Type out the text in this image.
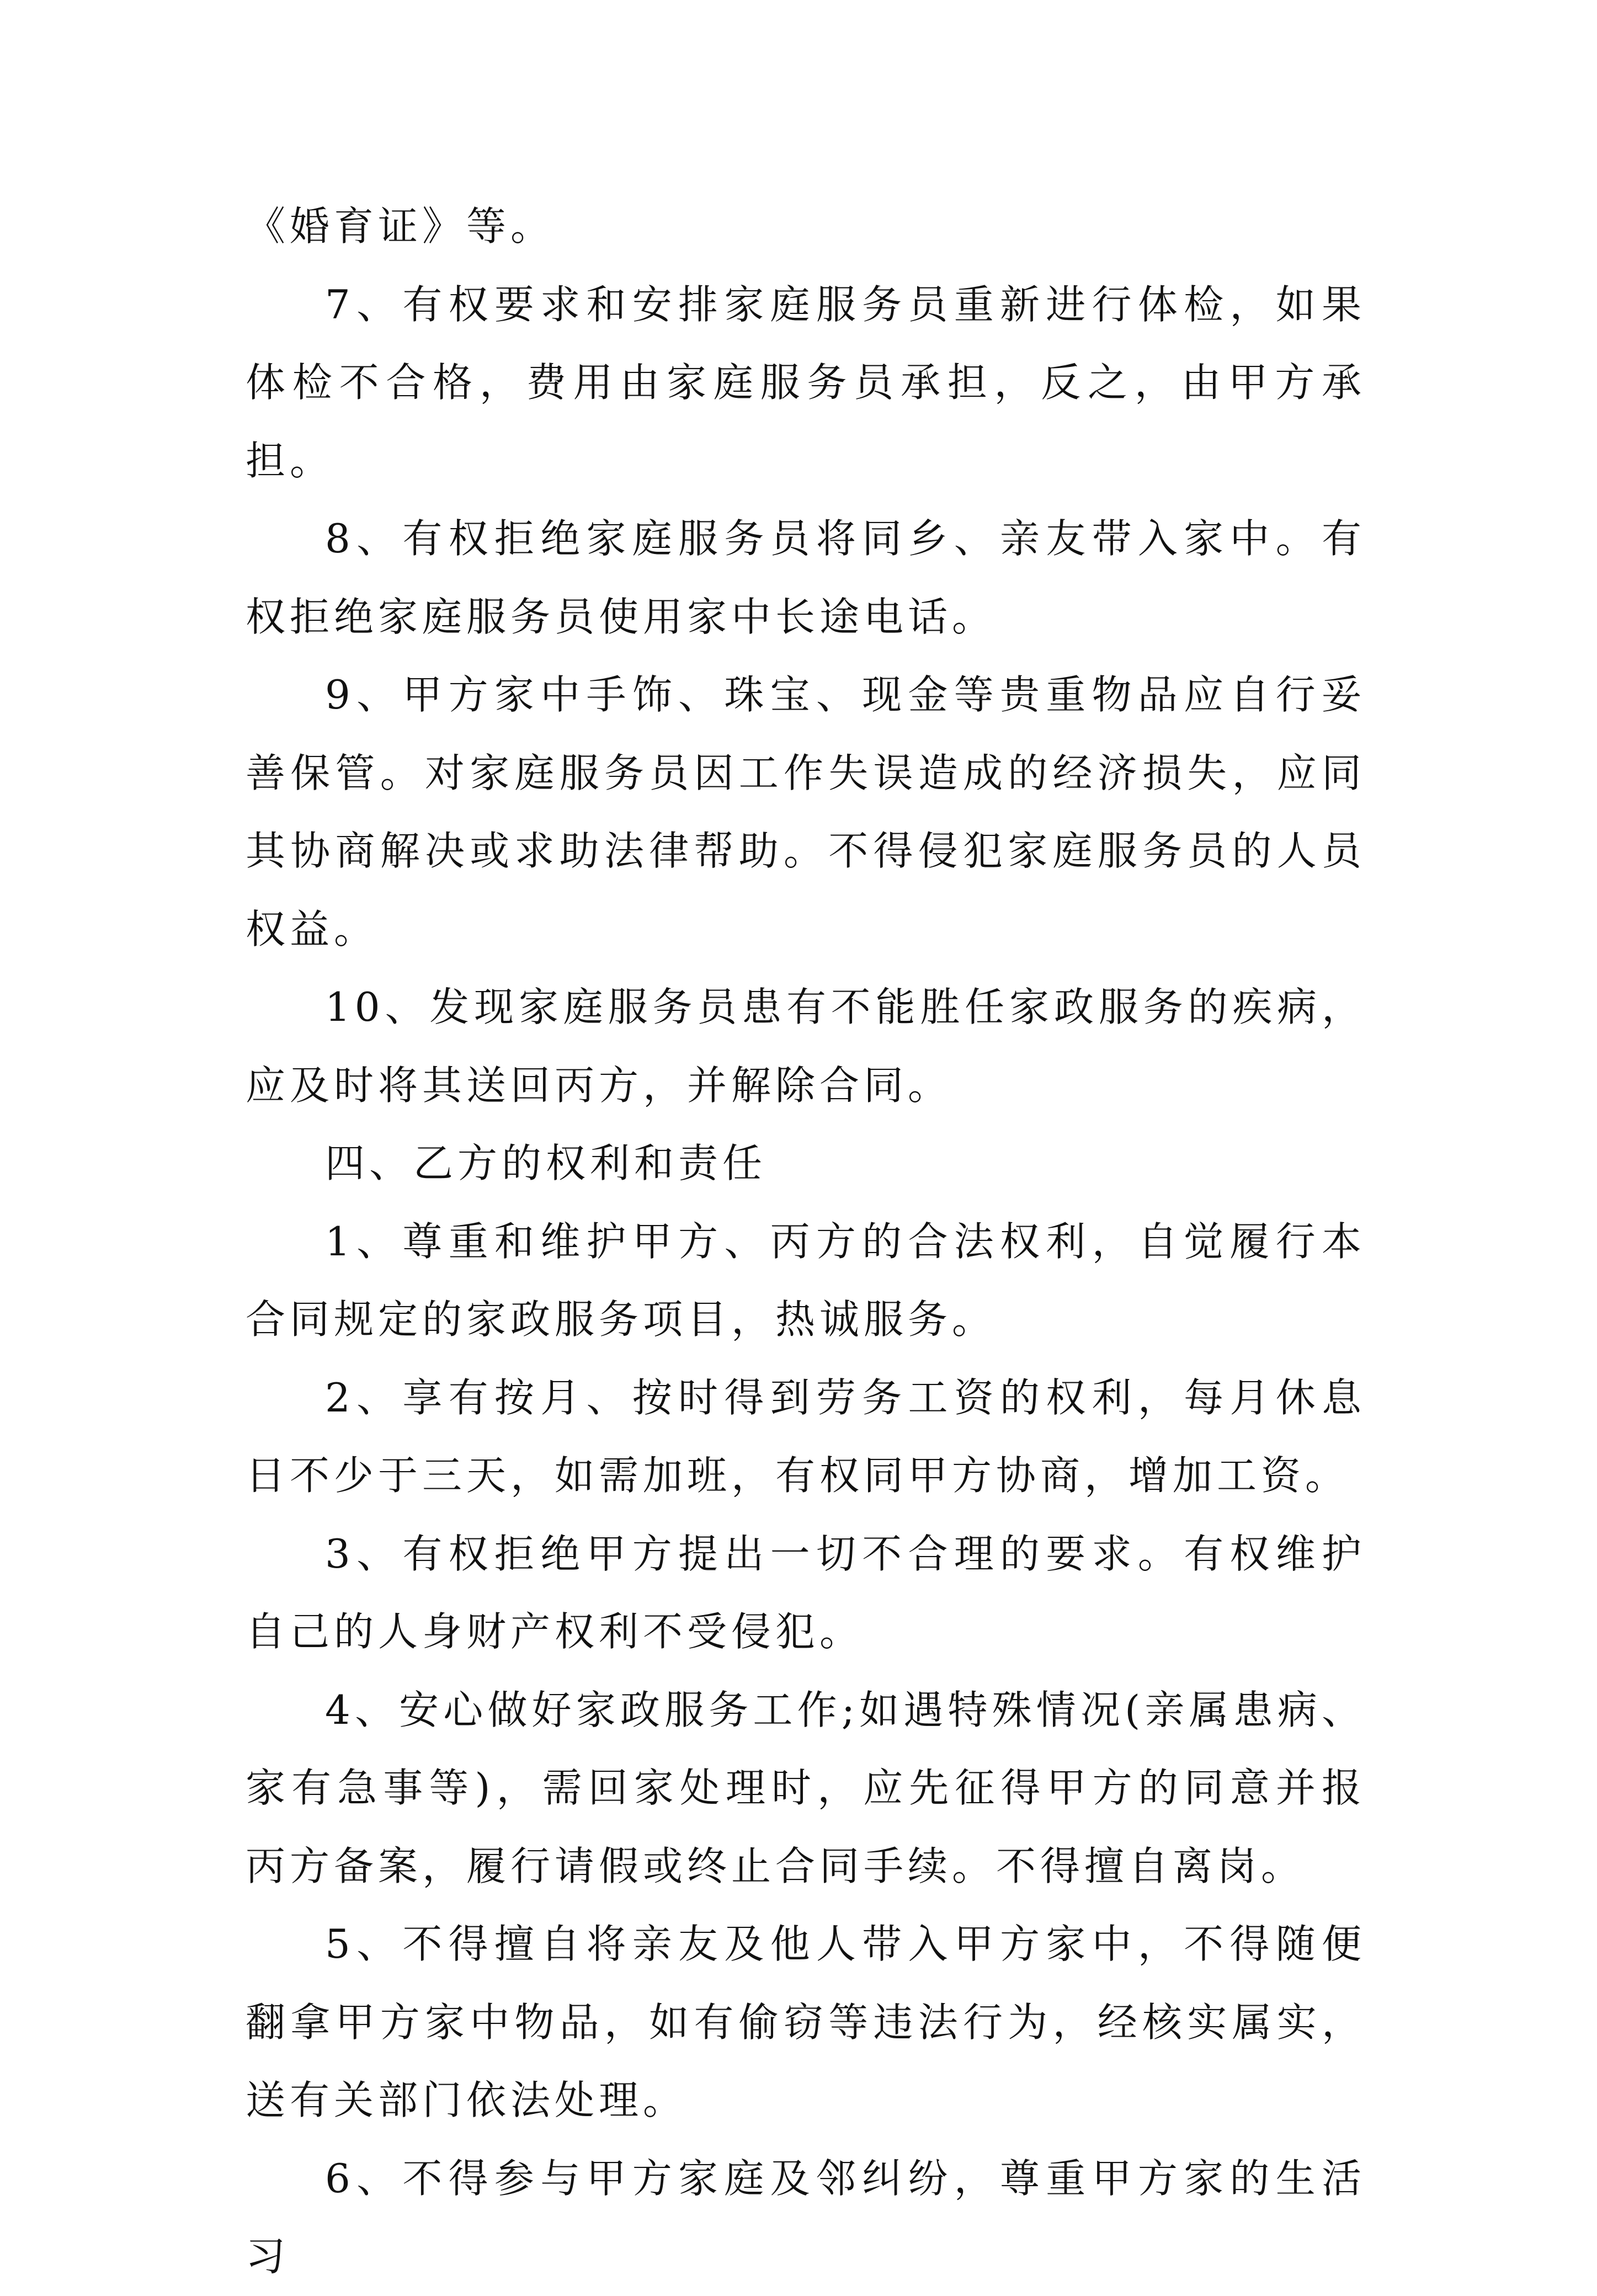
《婚育证》等。

7、有权要求和安排家庭服务员重新进行体检，如果体检不合格，费用由家庭服务员承担，反之，由甲方承担。

8、有权拒绝家庭服务员将同乡、亲友带入家中。有权拒绝家庭服务员使用家中长途电话。

9、甲方家中手饰、珠宝、现金等贵重物品应自行妥善保管。对家庭服务员因工作失误造成的经济损失，应同其协商解决或求助法律帮助。不得侵犯家庭服务员的人员权益。

10、发现家庭服务员患有不能胜任家政服务的疾病，应及时将其送回丙方，并解除合同。

四、乙方的权利和责任

1、尊重和维护甲方、丙方的合法权利，自觉履行本合同规定的家政服务项目，热诚服务。

2、享有按月、按时得到劳务工资的权利，每月休息日不少于三天，如需加班，有权同甲方协商，增加工资。

3、有权拒绝甲方提出一切不合理的要求。有权维护自己的人身财产权利不受侵犯。

4、安心做好家政服务工作;如遇特殊情况(亲属患病、家有急事等)，需回家处理时，应先征得甲方的同意并报丙方备案，履行请假或终止合同手续。不得擅自离岗。

5、不得擅自将亲友及他人带入甲方家中，不得随便翻拿甲方家中物品，如有偷窃等违法行为，经核实属实，送有关部门依法处理。

6、不得参与甲方家庭及邻纠纷，尊重甲方家的生活习
